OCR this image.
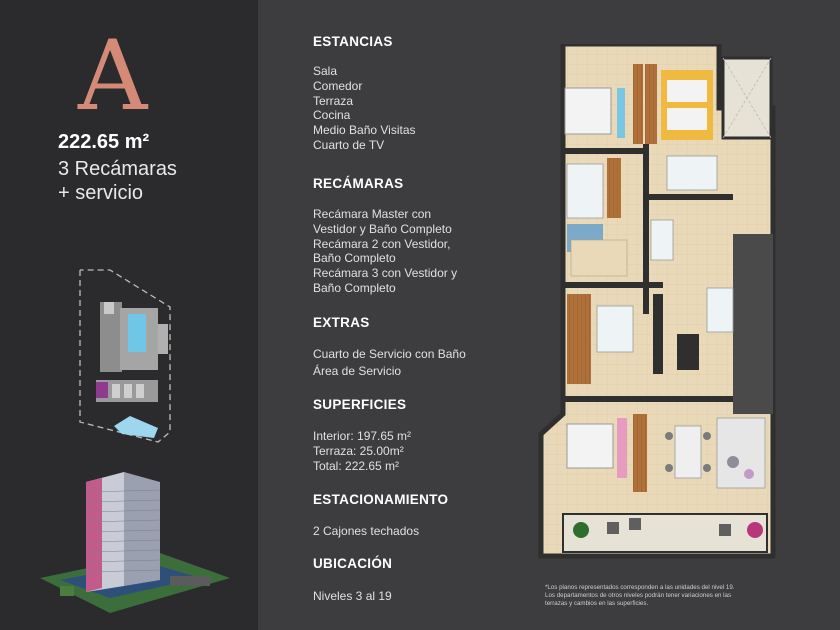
A
222.65 m²
3 Recámaras
+ servicio
ESTANCIAS
Sala
Comedor
Terraza
Cocina
Medio Baño Visitas
Cuarto de TV
RECÁMARAS
Recámara Master con
Vestidor y Baño Completo
Recámara 2 con Vestidor,
Baño Completo
Recámara 3 con Vestidor y
Baño Completo
EXTRAS
Cuarto de Servicio con Baño
Área de Servicio
SUPERFICIES
Interior: 197.65 m²
Terraza: 25.00m²
Total: 222.65 m²
ESTACIONAMIENTO
2 Cajones techados
UBICACIÓN
Niveles 3 al 19
*Los planos representados corresponden a las unidades del nivel 19.
Los departamentos de otros niveles podrán tener variaciones en las
terrazas y cambios en las superficies.
